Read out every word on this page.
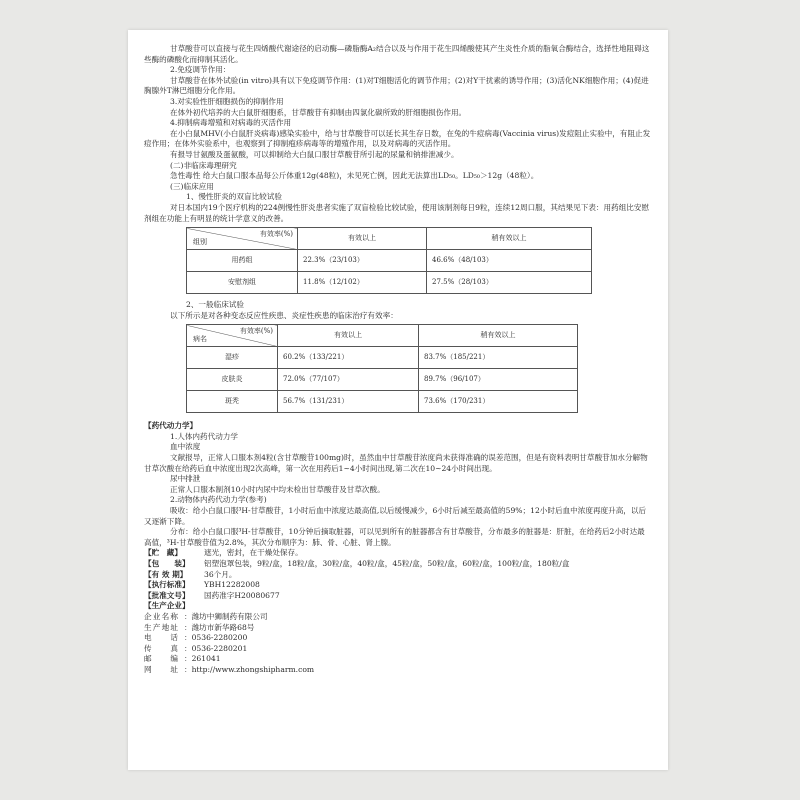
甘草酸苷可以直接与花生四烯酸代谢途径的启动酶—磷脂酶A₂结合以及与作用于花生四烯酸使其产生炎性介质的脂氧合酶结合，选择性地阻碍这些酶的磷酸化而抑制其活化。

2.免疫调节作用：

甘草酸苷在体外试验(in vitro)具有以下免疫调节作用：(1)对T细胞活化的调节作用；(2)对Y干扰素的诱导作用；(3)活化NK细胞作用；(4)促进胸腺外T淋巴细胞分化作用。

3.对实验性肝细胞损伤的抑制作用

在体外初代培养的大白鼠肝细胞系，甘草酸苷有抑制由四氯化碳所致的肝细胞损伤作用。

4.抑制病毒增殖和对病毒的灭活作用

在小白鼠MHV(小白鼠肝炎病毒)感染实验中，给与甘草酸苷可以延长其生存日数，在兔的牛痘病毒(Vaccinia virus)发痘阻止实验中，有阻止发痘作用；在体外实验系中，也观察到了抑制疱疹病毒等的增殖作用，以及对病毒的灭活作用。

有报导甘氨酸及蛋氨酸，可以抑制给大白鼠口服甘草酸苷所引起的尿量和钠排泄减少。

(二)非临床毒理研究

急性毒性 给大白鼠口服本品每公斤体重12g(48粒)，未见死亡例，因此无法算出LD₅₀。LD₅₀＞12g（48粒）。

(三)临床应用

1、慢性肝炎的双盲比较试验

对日本国内19个医疗机构的224例慢性肝炎患者实施了双盲检验比较试验，使用该制剂每日9粒，连续12周口服，其结果见下表：用药组比安慰剂组在功能上有明显的统计学意义的改善。

有效率(%)
组别	有效以上	稍有效以上
用药组	22.3%（23/103）	46.6%（48/103）
安慰剂组	11.8%（12/102）	27.5%（28/103）

2、一般临床试验

以下所示是对各种变态反应性疾患、炎症性疾患的临床治疗有效率：

有效率(%)
病名	有效以上	稍有效以上
湿疹	60.2%（133/221）	83.7%（185/221）
皮肤炎	72.0%（77/107）	89.7%（96/107）
斑秃	56.7%（131/231）	73.6%（170/231）

【药代动力学】

1.人体内药代动力学

血中浓度

文献报导，正常人口服本剂4粒(含甘草酸苷100mg)时，虽然血中甘草酸苷浓度尚未获得准确的误差范围，但是有资料表明甘草酸苷加水分解物甘草次酸在给药后血中浓度出现2次高峰，第一次在用药后1~4小时间出现,第二次在10~24小时间出现。

尿中排泄

正常人口服本制剂10小时内尿中均未检出甘草酸苷及甘草次酸。

2.动物体内药代动力学(参考)

吸收：给小白鼠口服³H-甘草酸苷，1小时后血中浓度达最高值,以后缓慢减少，6小时后减至最高值的59%；12小时后血中浓度再度升高，以后又逐渐下降。

分布：给小白鼠口服³H-甘草酸苷，10分钟后摘取脏器，可以见到所有的脏器都含有甘草酸苷，分布最多的脏器是：肝脏，在给药后2小时达最高值，³H-甘草酸苷值为2.8%，其次分布顺序为：肺、骨、心脏、肾上腺。

【贮　藏】	遮光，密封，在干燥处保存。
【包　　装】	铝塑泡罩包装，9粒/盒，18粒/盒，30粒/盒，40粒/盒，45粒/盒，50粒/盒，60粒/盒，100粒/盒，180粒/盒
【有 效 期】	36个月。
【执行标准】	YBH12282008
【批准文号】	国药准字H20080677
【生产企业】
企业名称 ： 潍坊中狮制药有限公司
生产地址 ： 潍坊市新华路68号
电　话 ： 0536-2280200
传　真 ： 0536-2280201
邮　编 ： 261041
网　址 ： http://www.zhongshipharm.com
